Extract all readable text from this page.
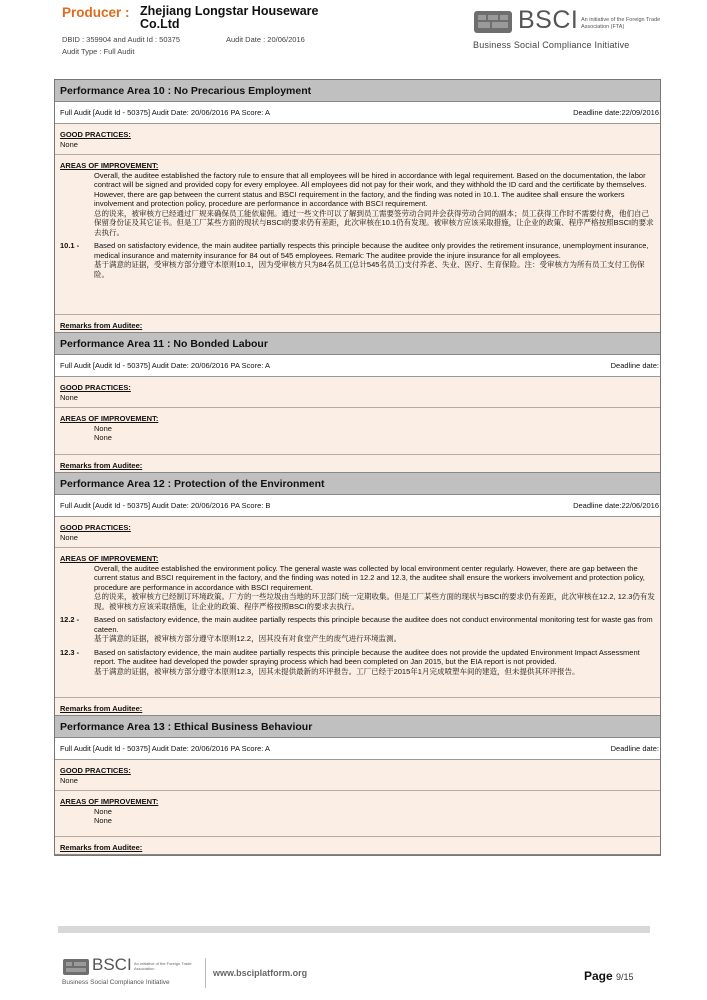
Producer : Zhejiang Longstar Houseware Co.Ltd
DBID : 359904 and Audit Id : 50375	Audit Date : 20/06/2016
Audit Type : Full Audit
BSCI An initiative of the Foreign Trade Association (FTA)
Business Social Compliance Initiative
Performance Area 10 : No Precarious Employment
Full Audit [Audit Id - 50375] Audit Date: 20/06/2016 PA Score: A	Deadline date:22/09/2016
GOOD PRACTICES:
None
AREAS OF IMPROVEMENT:
Overall, the auditee established the factory rule to ensure that all employees will be hired in accordance with legal requirement. Based on the documentation, the labor contract will be signed and provided copy for every employee. All employees did not pay for their work, and they withhold the ID card and the certificate by themselves. However, there are gap between the current status and BSCI requirement in the factory, and the finding was noted in 10.1. The auditee shall ensure the workers involvement and protection policy, procedure are performance in accordance with BSCI requirement.
总的说来，被审核方已经通过厂规来确保员工能依雇佣。通过一些文件可以了解到员工需要签劳动合同并会获得劳动合同的副本；员工获得工作时不需要付费，他们自己保留身份证及其它证书。但是工厂某些方面的现状与BSCI的要求仍有差距，此次审核在10.1仍有发现。被审核方应该采取措施，让企业的政策、程序严格按照BSCI的要求去执行。
10.1 -	Based on satisfactory evidence, the main auditee partially respects this principle because the auditee only provides the retirement insurance, unemployment insurance, medical insurance and maternity insurance for 84 out of 545 employees. Remark: The auditee provide the injure insurance for all employees.
基于满意的证据，受审核方部分遵守本原则10.1，因为受审核方只为84名员工(总计545名员工)支付养老、失业、医疗、生育保险。注：受审核方为所有员工支付工伤保险。
Remarks from Auditee:
Performance Area 11 : No Bonded Labour
Full Audit [Audit Id - 50375] Audit Date: 20/06/2016 PA Score: A	Deadline date:
GOOD PRACTICES:
None
AREAS OF IMPROVEMENT:
None
None
Remarks from Auditee:
Performance Area 12 : Protection of the Environment
Full Audit [Audit Id - 50375] Audit Date: 20/06/2016 PA Score: B	Deadline date:22/06/2016
GOOD PRACTICES:
None
AREAS OF IMPROVEMENT:
Overall, the auditee established the environment policy. The general waste was collected by local environment center regularly. However, there are gap between the current status and BSCI requirement in the factory, and the finding was noted in 12.2 and 12.3, the auditee shall ensure the workers involvement and protection policy, procedure are performance in accordance with BSCI requirement.
总的说来，被审核方已经制订环境政策。厂方的一些垃圾由当地的环卫部门统一定期收集。但是工厂某些方面的现状与BSCI的要求仍有差距，此次审核在12.2, 12.3仍有发现。被审核方应该采取措施，让企业的政策、程序严格按照BSCI的要求去执行。
12.2 -	Based on satisfactory evidence, the main auditee partially respects this principle because the auditee does not conduct environmental monitoring test for waste gas from cateen.
基于满意的证据，被审核方部分遵守本原则12.2，因其没有对食堂产生的废气进行环境监测。
12.3 -	Based on satisfactory evidence, the main auditee partially respects this principle because the auditee does not provide the updated Environment Impact Assessment report. The auditee had developed the powder spraying process which had been completed on Jan 2015, but the EIA report is not provided.
基于满意的证据，被审核方部分遵守本原则12.3，因其未提供最新的环评报告。工厂已经于2015年1月完成喷塑车间的建造，但未提供其环评报告。
Remarks from Auditee:
Performance Area 13 : Ethical Business Behaviour
Full Audit [Audit Id - 50375] Audit Date: 20/06/2016 PA Score: A	Deadline date:
GOOD PRACTICES:
None
AREAS OF IMPROVEMENT:
None
None
Remarks from Auditee:
BSCI An initiative of the Foreign Trade Association
Business Social Compliance Initiative
www.bsciplatform.org	Page 9/15
